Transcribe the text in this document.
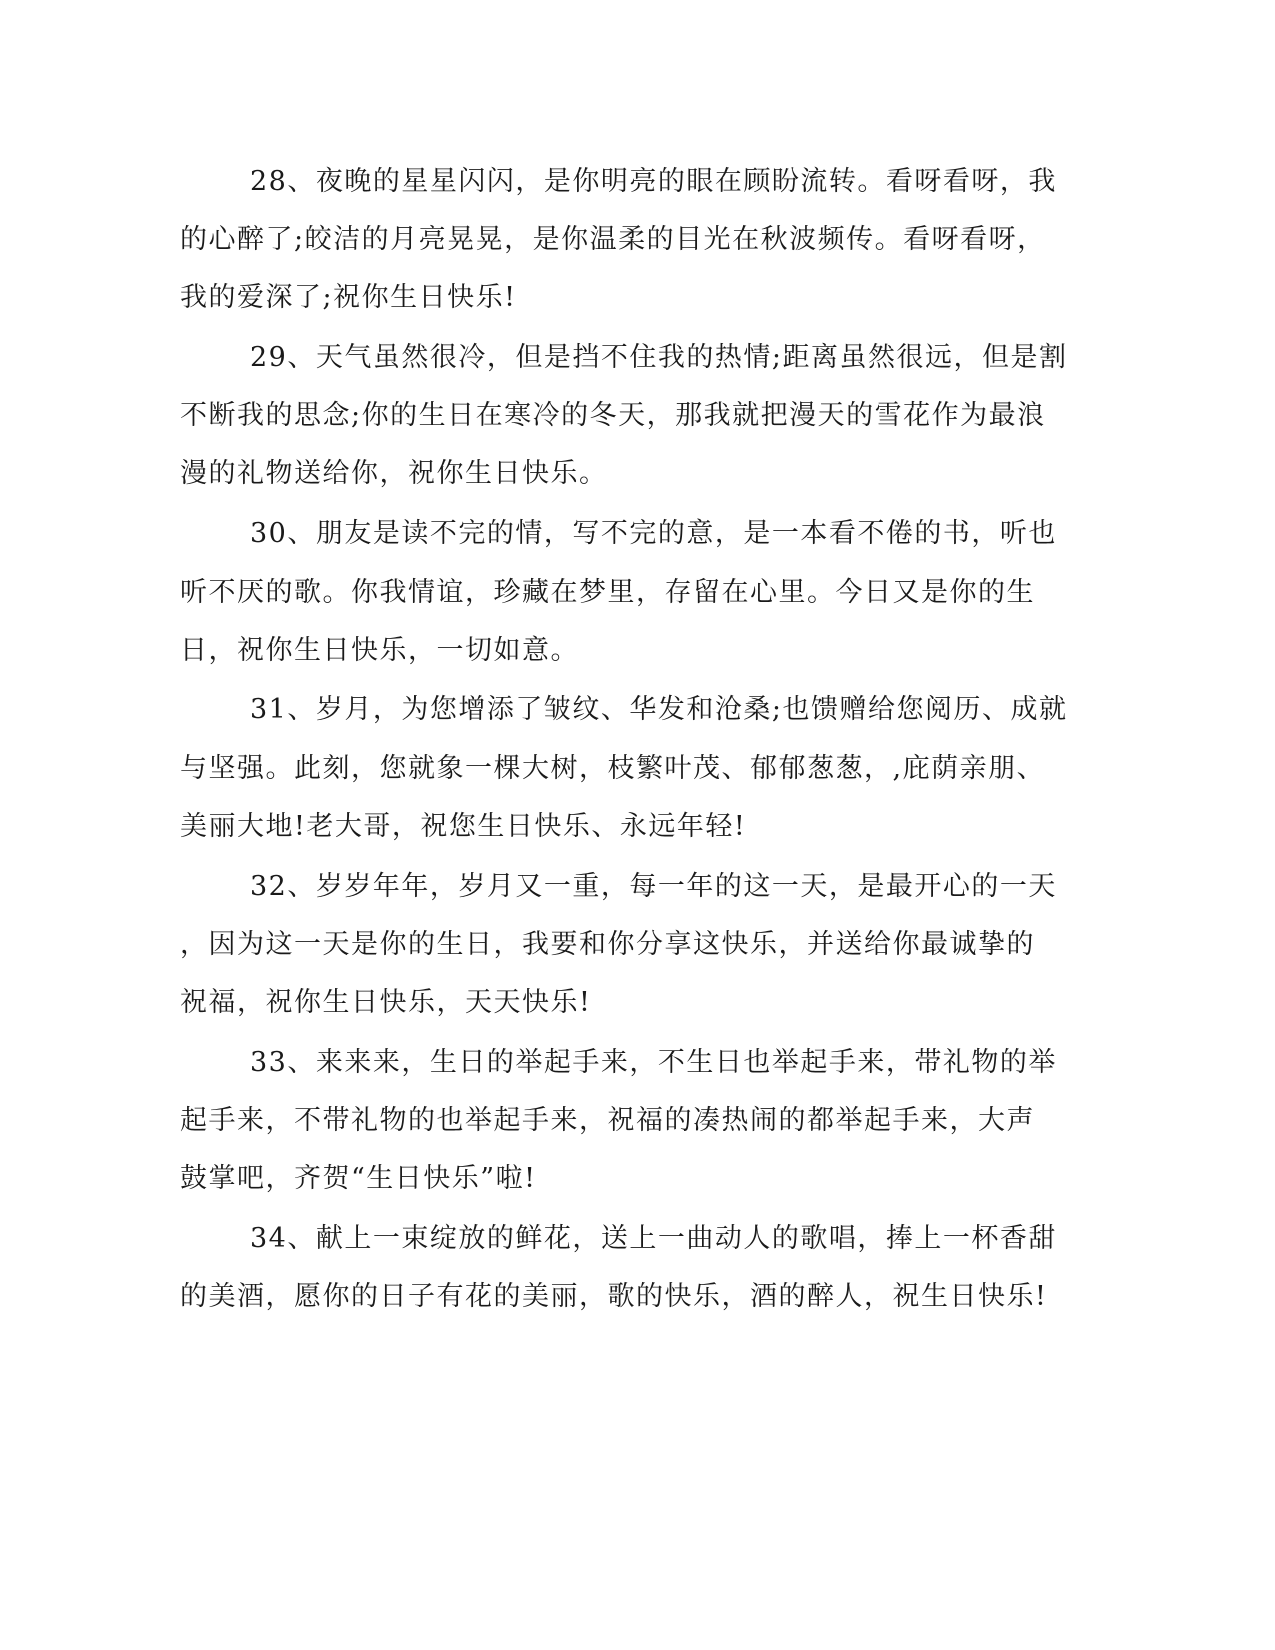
28、夜晚的星星闪闪，是你明亮的眼在顾盼流转。看呀看呀，我

的心醉了;皎洁的月亮晃晃，是你温柔的目光在秋波频传。看呀看呀，

我的爱深了;祝你生日快乐!

29、天气虽然很冷，但是挡不住我的热情;距离虽然很远，但是割

不断我的思念;你的生日在寒冷的冬天，那我就把漫天的雪花作为最浪

漫的礼物送给你，祝你生日快乐。

30、朋友是读不完的情，写不完的意，是一本看不倦的书，听也

听不厌的歌。你我情谊，珍藏在梦里，存留在心里。今日又是你的生

日，祝你生日快乐，一切如意。

31、岁月，为您增添了皱纹、华发和沧桑;也馈赠给您阅历、成就

与坚强。此刻，您就象一棵大树，枝繁叶茂、郁郁葱葱，,庇荫亲朋、

美丽大地!老大哥，祝您生日快乐、永远年轻!

32、岁岁年年，岁月又一重，每一年的这一天，是最开心的一天

，因为这一天是你的生日，我要和你分享这快乐，并送给你最诚挚的

祝福，祝你生日快乐，天天快乐!

33、来来来，生日的举起手来，不生日也举起手来，带礼物的举

起手来，不带礼物的也举起手来，祝福的凑热闹的都举起手来，大声

鼓掌吧，齐贺“生日快乐”啦!

34、献上一束绽放的鲜花，送上一曲动人的歌唱，捧上一杯香甜

的美酒，愿你的日子有花的美丽，歌的快乐，酒的醉人，祝生日快乐!
